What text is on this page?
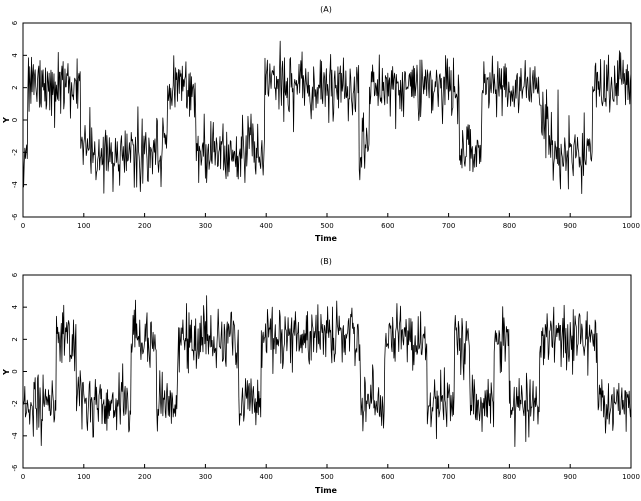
(A)
Y
Time
0	100	200	300	400	500	600	700	800	900	1000
-6
-4
-2
0
2
4
6
(B)
Y
Time
0	100	200	300	400	500	600	700	800	900	1000
-6
-4
-2
0
2
4
6
